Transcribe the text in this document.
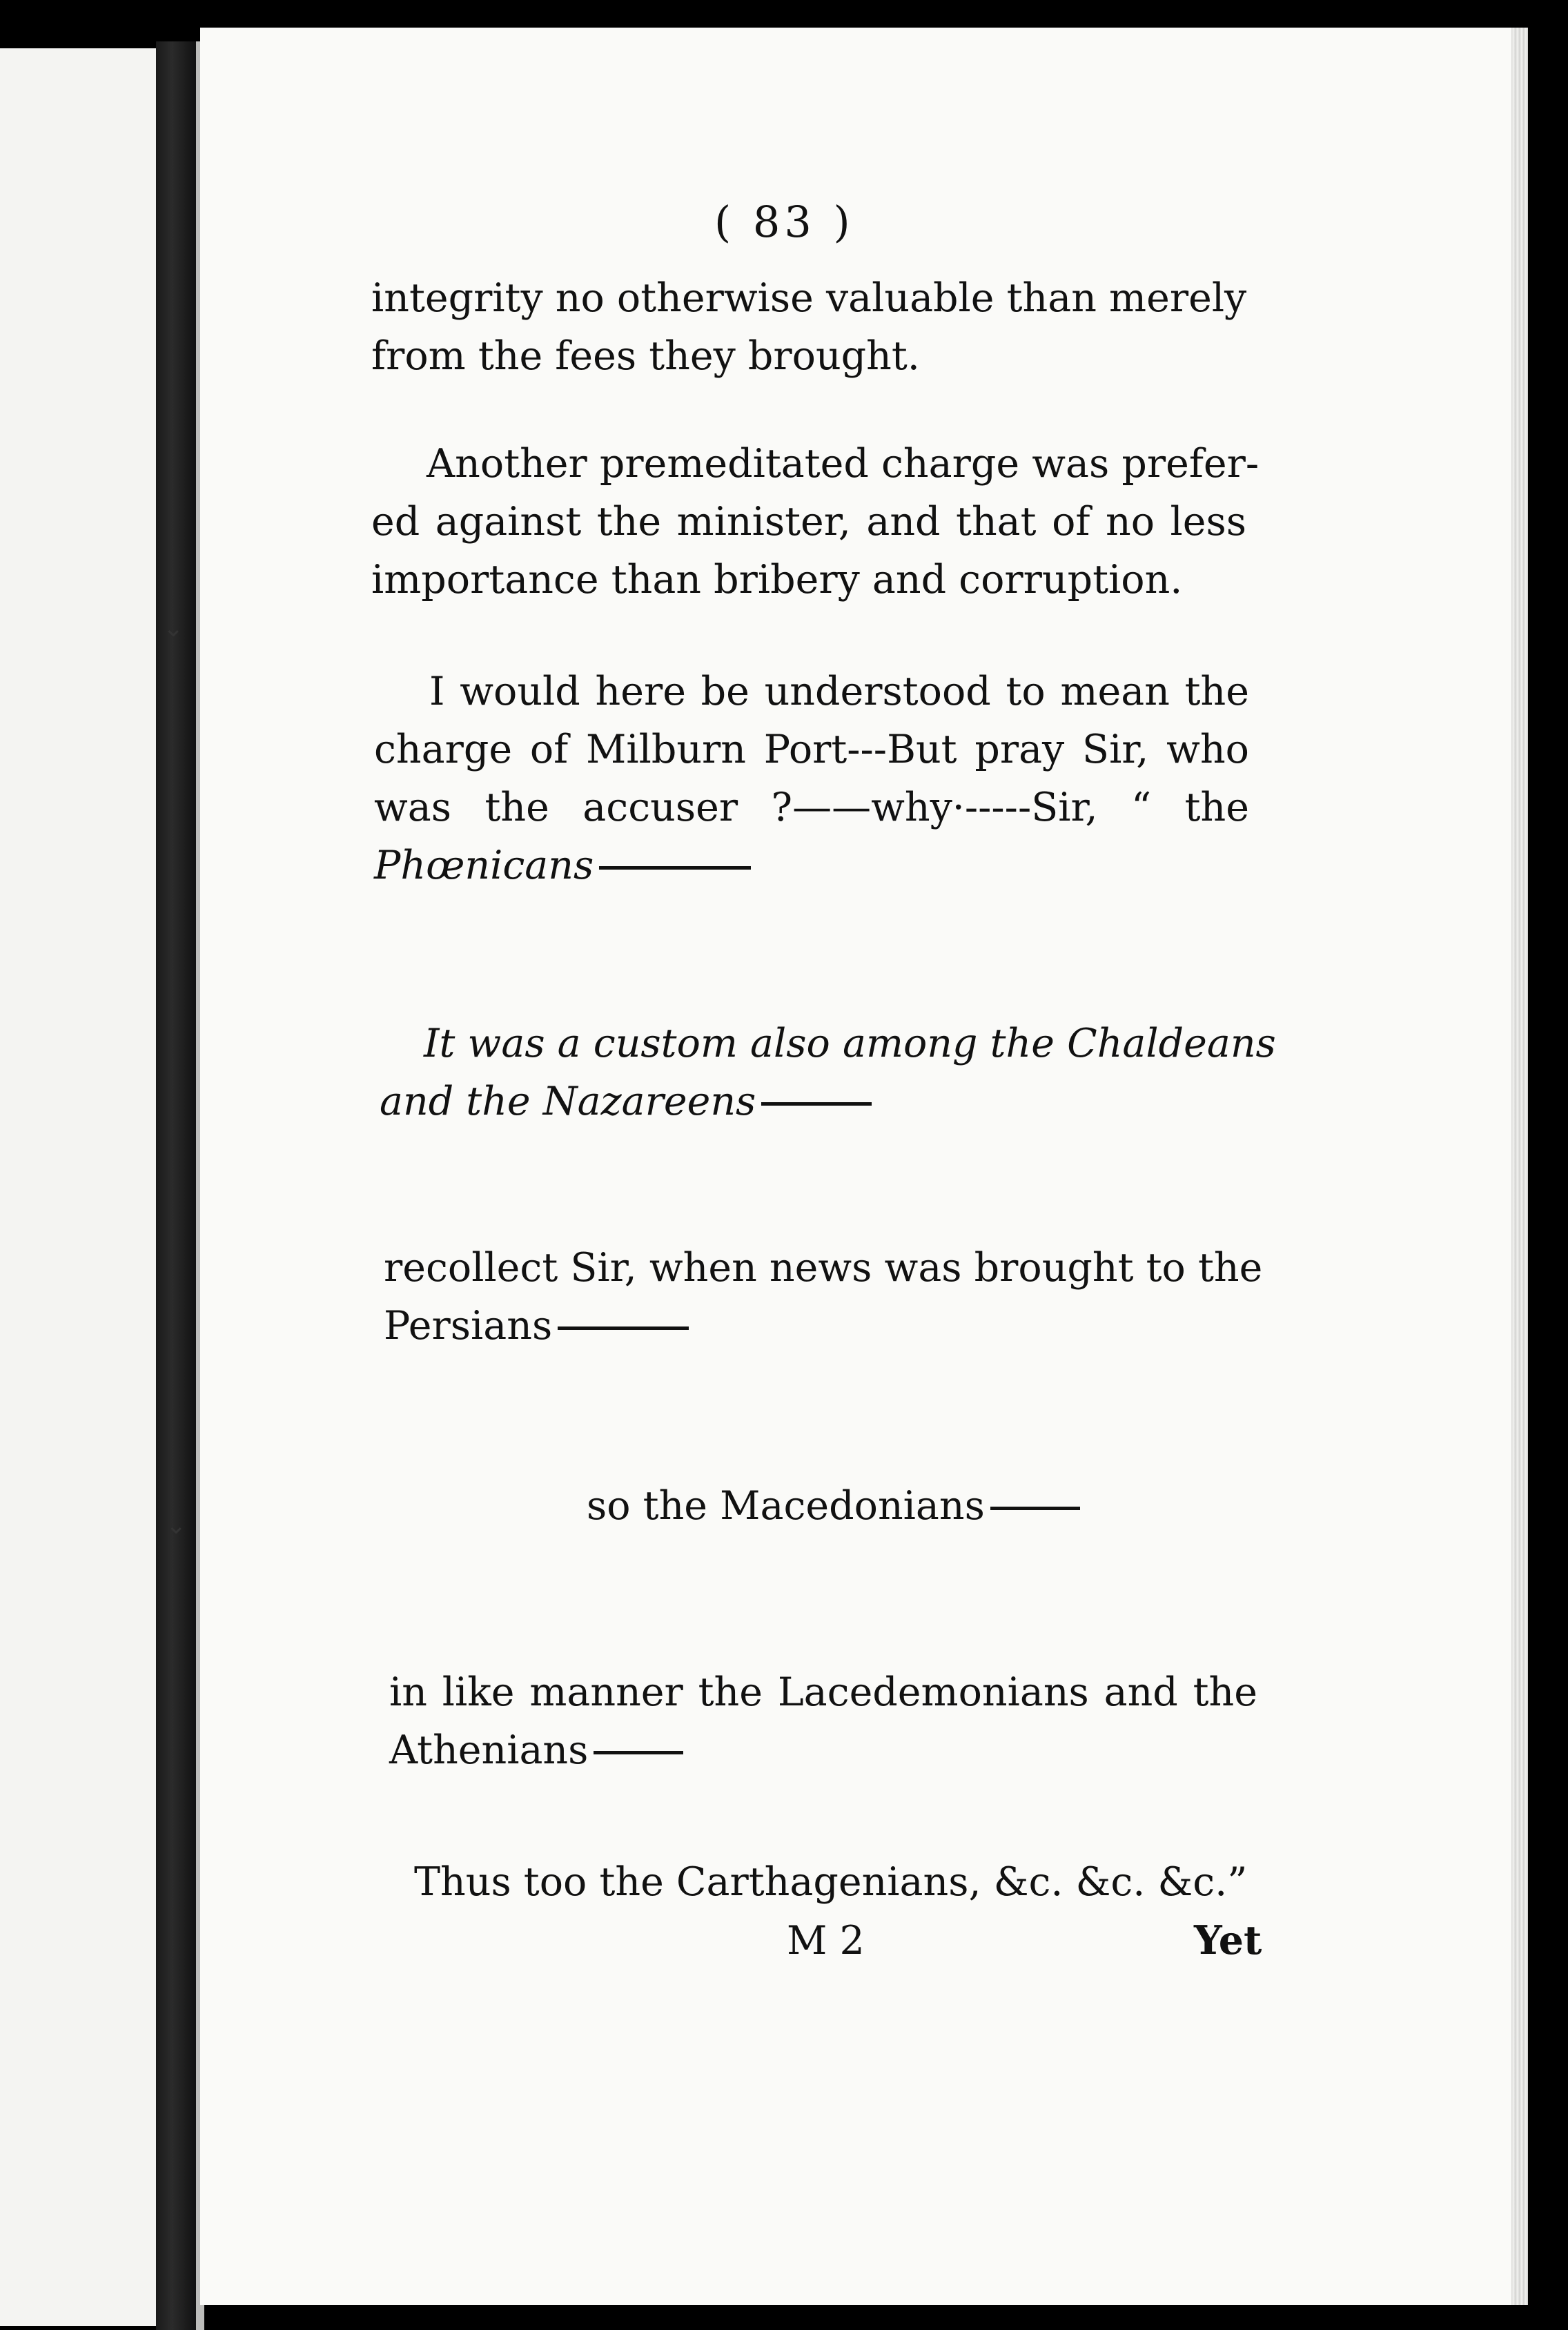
⌄
⌄
( 83 )
integrity no otherwise valuable than merely
from the fees they brought.
Another premeditated charge was prefer-
ed against the minister, and that of no less
importance than bribery and corruption.
I would here be understood to mean the
charge of Milburn Port---But pray Sir, who
was the accuser ?——why·-----Sir, “ the
Phœnicans
It was a custom also among the Chaldeans
and the Nazareens
recollect Sir, when news was brought to the
Persians
so the Macedonians
in like manner the Lacedemonians and the
Athenians
Thus too the Carthagenians, &c. &c. &c.”
M 2	Yet
